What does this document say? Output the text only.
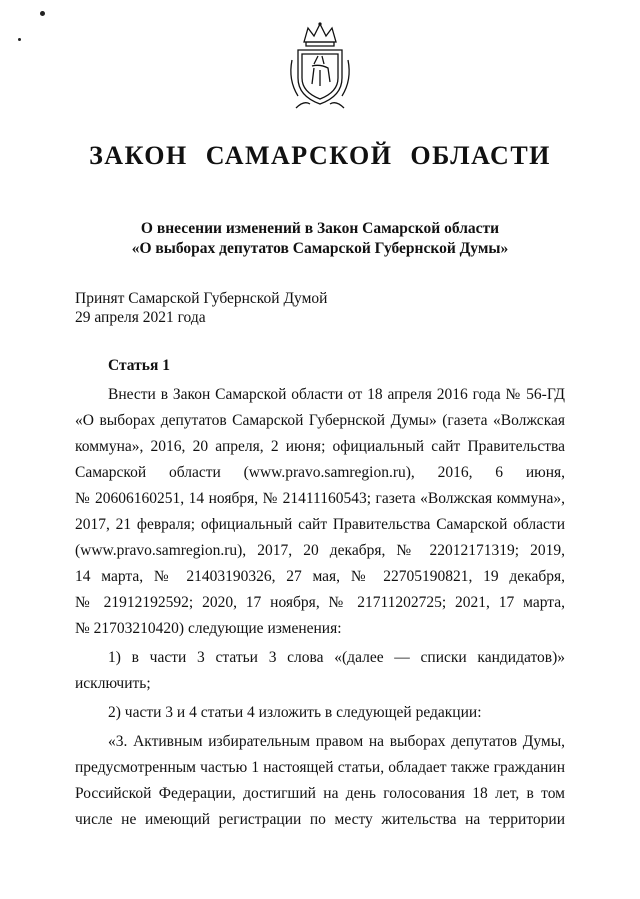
ЗАКОН САМАРСКОЙ ОБЛАСТИ
О внесении изменений в Закон Самарской области
«О выборах депутатов Самарской Губернской Думы»
Принят Самарской Губернской Думой
29 апреля 2021 года
Статья 1
Внести в Закон Самарской области от 18 апреля 2016 года № 56-ГД
«О выборах депутатов Самарской Губернской Думы» (газета «Волжская
коммуна», 2016, 20 апреля, 2 июня; официальный сайт Правительства
Самарской области (www.pravo.samregion.ru), 2016, 6 июня,
№ 20606160251, 14 ноября, № 21411160543; газета «Волжская коммуна»,
2017, 21 февраля; официальный сайт Правительства Самарской области
(www.pravo.samregion.ru), 2017, 20 декабря, № 22012171319; 2019,
14 марта, № 21403190326, 27 мая, № 22705190821, 19 декабря,
№ 21912192592; 2020, 17 ноября, № 21711202725; 2021, 17 марта,
№ 21703210420) следующие изменения:
1) в части 3 статьи 3 слова «(далее — списки кандидатов)»
исключить;
2) части 3 и 4 статьи 4 изложить в следующей редакции:
«3. Активным избирательным правом на выборах депутатов Думы,
предусмотренным частью 1 настоящей статьи, обладает также гражданин
Российской Федерации, достигший на день голосования 18 лет, в том
числе не имеющий регистрации по месту жительства на территории
